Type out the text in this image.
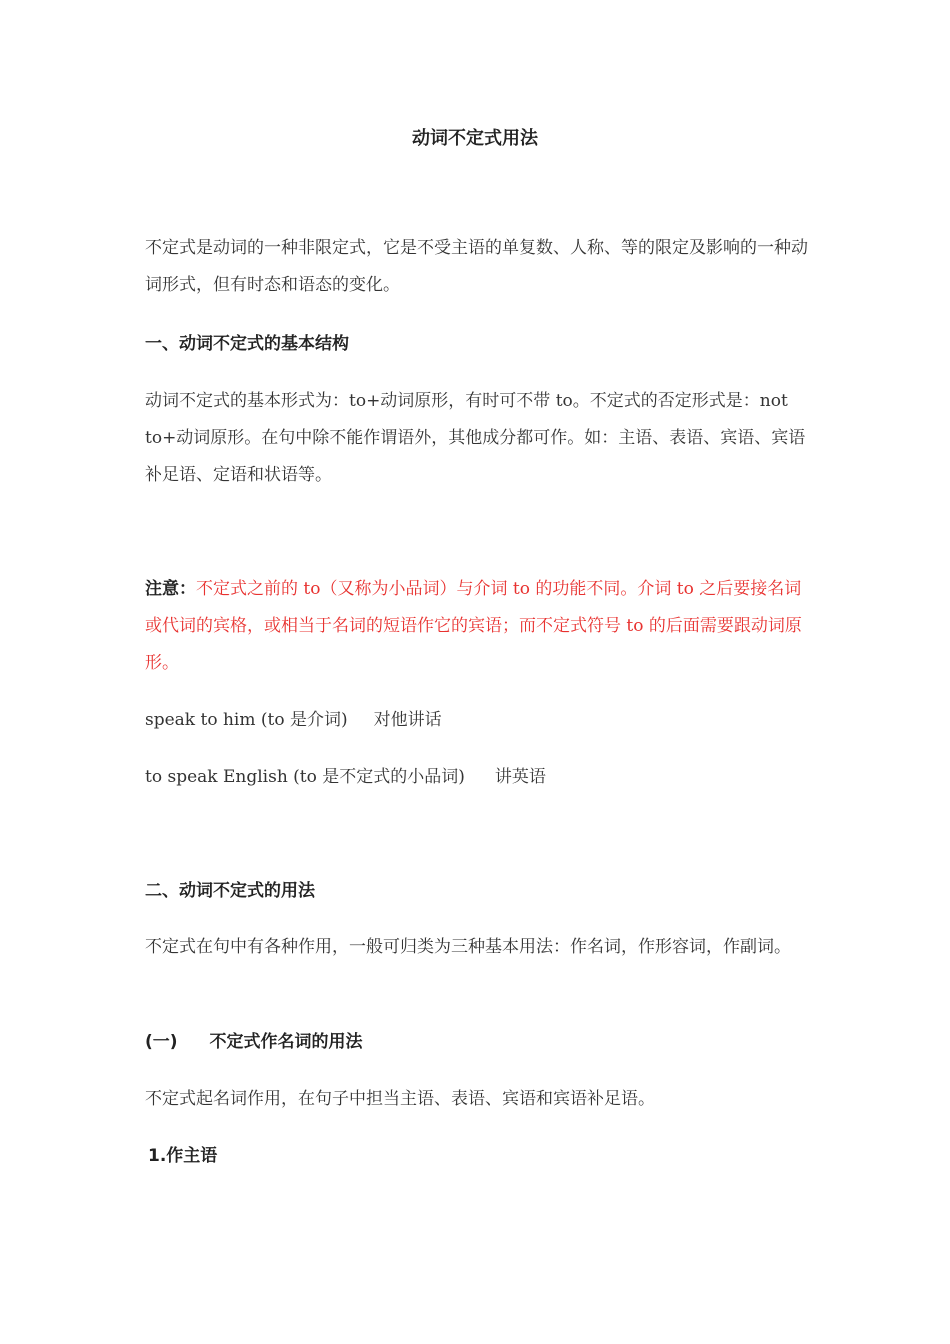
动词不定式用法

不定式是动词的一种非限定式，它是不受主语的单复数、人称、等的限定及影响的一种动词形式，但有时态和语态的变化。

一、动词不定式的基本结构

动词不定式的基本形式为：to+动词原形，有时可不带 to。不定式的否定形式是：not to+动词原形。在句中除不能作谓语外，其他成分都可作。如：主语、表语、宾语、宾语补足语、定语和状语等。

注意：不定式之前的 to（又称为小品词）与介词 to 的功能不同。介词 to 之后要接名词或代词的宾格，或相当于名词的短语作它的宾语；而不定式符号 to 的后面需要跟动词原形。

speak to him (to 是介词) 对他讲话

to speak English (to 是不定式的小品词) 讲英语

二、动词不定式的用法

不定式在句中有各种作用，一般可归类为三种基本用法：作名词，作形容词，作副词。

(一) 不定式作名词的用法

不定式起名词作用，在句子中担当主语、表语、宾语和宾语补足语。

1.作主语
